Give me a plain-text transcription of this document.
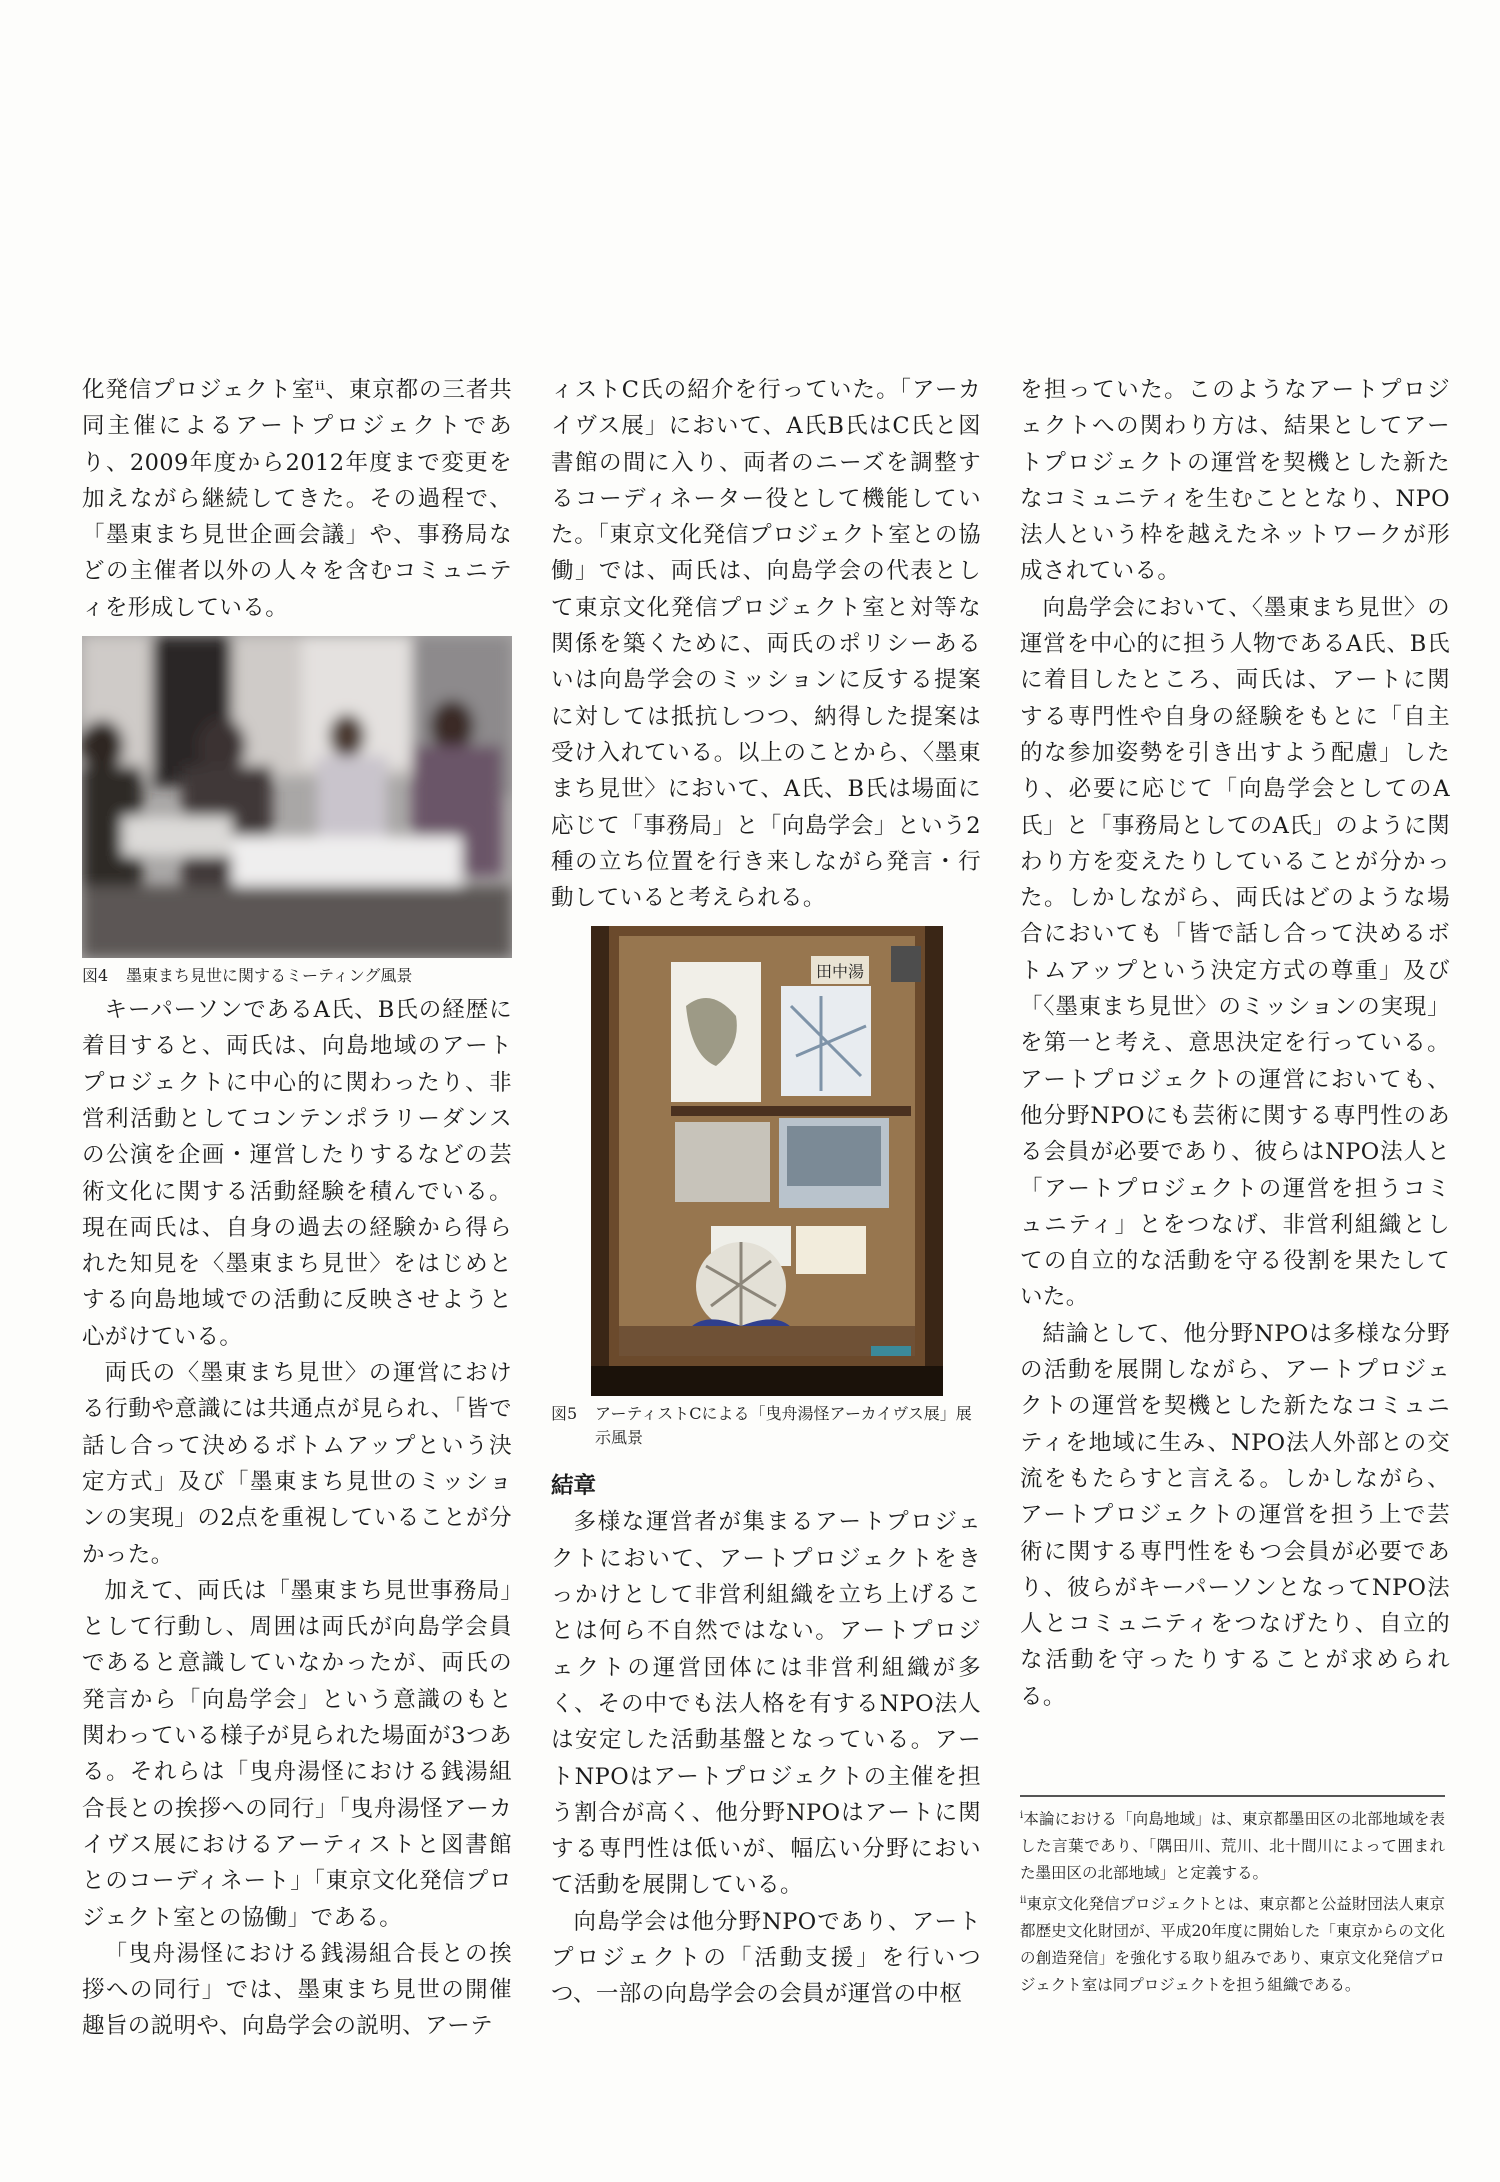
化発信プロジェクト室ⁱⁱ、東京都の三者共同主催によるアートプロジェクトであり、2009年度から2012年度まで変更を加えながら継続してきた。その過程で、「墨東まち見世企画会議」や、事務局などの主催者以外の人々を含むコミュニティを形成している。

図4	墨東まち見世に関するミーティング風景

キーパーソンであるA氏、B氏の経歴に着目すると、両氏は、向島地域のアートプロジェクトに中心的に関わったり、非営利活動としてコンテンポラリーダンスの公演を企画・運営したりするなどの芸術文化に関する活動経験を積んでいる。現在両氏は、自身の過去の経験から得られた知見を〈墨東まち見世〉をはじめとする向島地域での活動に反映させようと心がけている。

両氏の〈墨東まち見世〉の運営における行動や意識には共通点が見られ、「皆で話し合って決めるボトムアップという決定方式」及び「墨東まち見世のミッションの実現」の2点を重視していることが分かった。

加えて、両氏は「墨東まち見世事務局」として行動し、周囲は両氏が向島学会員であると意識していなかったが、両氏の発言から「向島学会」という意識のもと関わっている様子が見られた場面が3つある。それらは「曳舟湯怪における銭湯組合長との挨拶への同行」「曳舟湯怪アーカイヴス展におけるアーティストと図書館とのコーディネート」「東京文化発信プロジェクト室との協働」である。

「曳舟湯怪における銭湯組合長との挨拶への同行」では、墨東まち見世の開催趣旨の説明や、向島学会の説明、アーテ

ィストC氏の紹介を行っていた。「アーカイヴス展」において、A氏B氏はC氏と図書館の間に入り、両者のニーズを調整するコーディネーター役として機能していた。「東京文化発信プロジェクト室との協働」では、両氏は、向島学会の代表として東京文化発信プロジェクト室と対等な関係を築くために、両氏のポリシーあるいは向島学会のミッションに反する提案に対しては抵抗しつつ、納得した提案は受け入れている。以上のことから、〈墨東まち見世〉において、A氏、B氏は場面に応じて「事務局」と「向島学会」という2種の立ち位置を行き来しながら発言・行動していると考えられる。

田中湯
図5	アーティストCによる「曳舟湯怪アーカイヴス展」展示風景
結章

多様な運営者が集まるアートプロジェクトにおいて、アートプロジェクトをきっかけとして非営利組織を立ち上げることは何ら不自然ではない。アートプロジェクトの運営団体には非営利組織が多く、その中でも法人格を有するNPO法人は安定した活動基盤となっている。アートNPOはアートプロジェクトの主催を担う割合が高く、他分野NPOはアートに関する専門性は低いが、幅広い分野において活動を展開している。

向島学会は他分野NPOであり、アートプロジェクトの「活動支援」を行いつつ、一部の向島学会の会員が運営の中枢

を担っていた。このようなアートプロジェクトへの関わり方は、結果としてアートプロジェクトの運営を契機とした新たなコミュニティを生むこととなり、NPO法人という枠を越えたネットワークが形成されている。

向島学会において、〈墨東まち見世〉の運営を中心的に担う人物であるA氏、B氏に着目したところ、両氏は、アートに関する専門性や自身の経験をもとに「自主的な参加姿勢を引き出すよう配慮」したり、必要に応じて「向島学会としてのA氏」と「事務局としてのA氏」のように関わり方を変えたりしていることが分かった。しかしながら、両氏はどのような場合においても「皆で話し合って決めるボトムアップという決定方式の尊重」及び「〈墨東まち見世〉のミッションの実現」を第一と考え、意思決定を行っている。アートプロジェクトの運営においても、他分野NPOにも芸術に関する専門性のある会員が必要であり、彼らはNPO法人と「アートプロジェクトの運営を担うコミュニティ」とをつなげ、非営利組織としての自立的な活動を守る役割を果たしていた。

結論として、他分野NPOは多様な分野の活動を展開しながら、アートプロジェクトの運営を契機とした新たなコミュニティを地域に生み、NPO法人外部との交流をもたらすと言える。しかしながら、アートプロジェクトの運営を担う上で芸術に関する専門性をもつ会員が必要であり、彼らがキーパーソンとなってNPO法人とコミュニティをつなげたり、自立的な活動を守ったりすることが求められる。

$^i$本論における「向島地域」は、東京都墨田区の北部地域を表した言葉であり、「隅田川、荒川、北十間川によって囲まれた墨田区の北部地域」と定義する。

$^{ii}$東京文化発信プロジェクトとは、東京都と公益財団法人東京都歴史文化財団が、平成20年度に開始した「東京からの文化の創造発信」を強化する取り組みであり、東京文化発信プロジェクト室は同プロジェクトを担う組織である。
